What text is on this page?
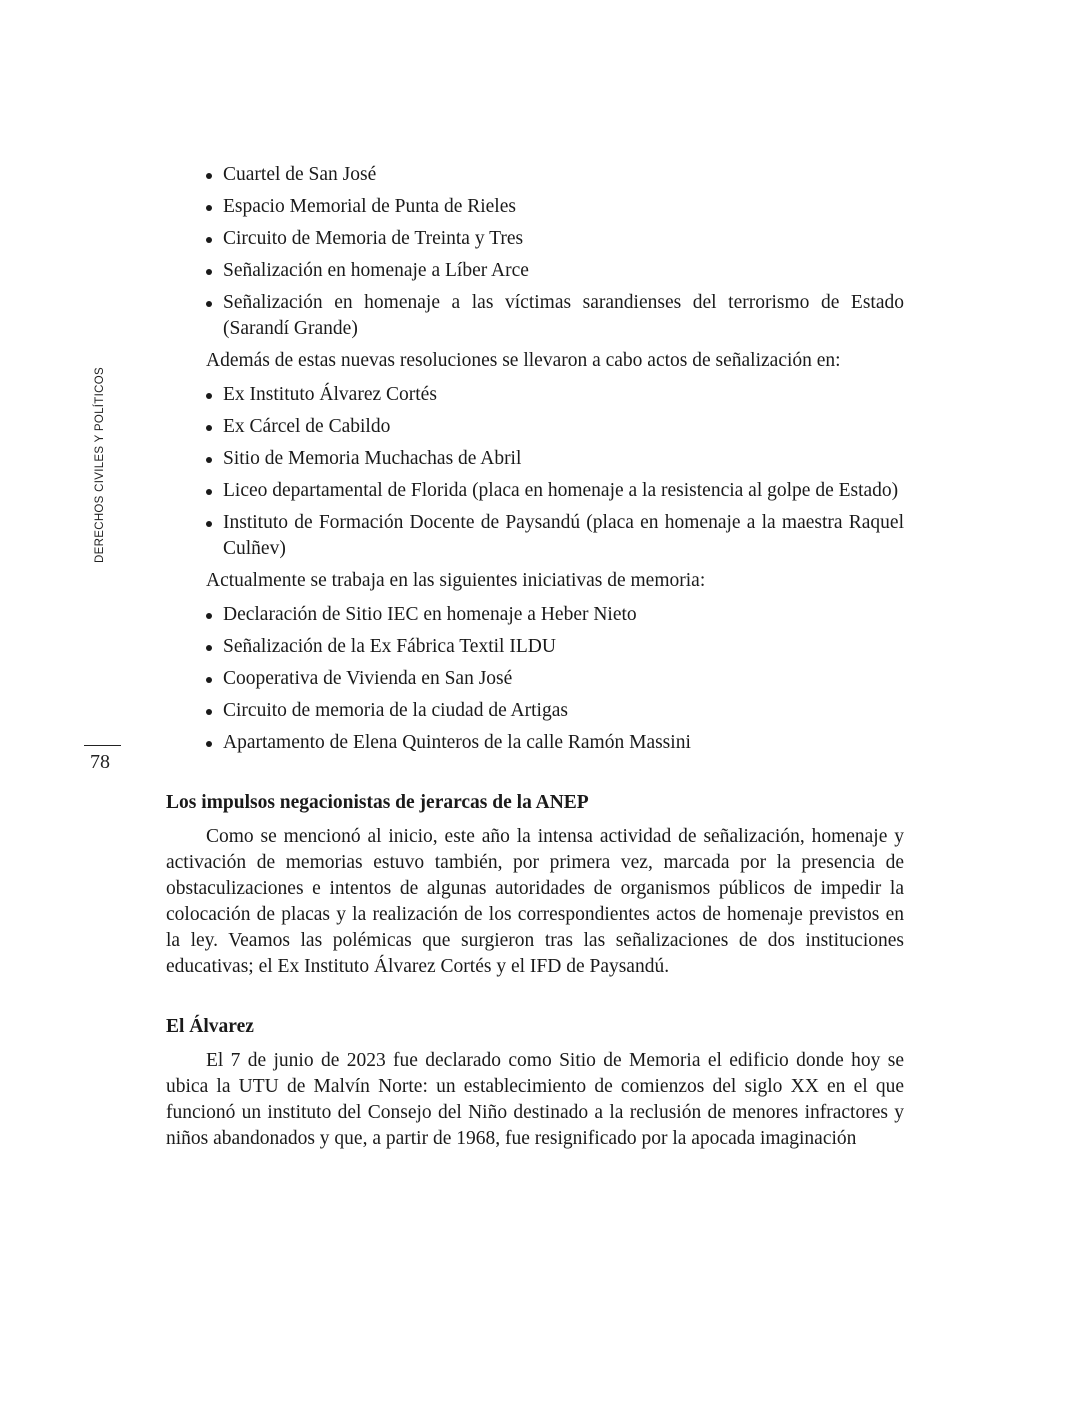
DERECHOS CIVILES Y POLÍTICOS
78
Cuartel de San José
Espacio Memorial de Punta de Rieles
Circuito de Memoria de Treinta y Tres
Señalización en homenaje a Líber Arce
Señalización en homenaje a las víctimas sarandienses del terrorismo de Estado (Sarandí Grande)

Además de estas nuevas resoluciones se llevaron a cabo actos de señalización en:

Ex Instituto Álvarez Cortés
Ex Cárcel de Cabildo
Sitio de Memoria Muchachas de Abril
Liceo departamental de Florida (placa en homenaje a la resistencia al golpe de Estado)
Instituto de Formación Docente de Paysandú (placa en homenaje a la maestra Raquel Culñev)

Actualmente se trabaja en las siguientes iniciativas de memoria:

Declaración de Sitio IEC en homenaje a Heber Nieto
Señalización de la Ex Fábrica Textil ILDU
Cooperativa de Vivienda en San José
Circuito de memoria de la ciudad de Artigas
Apartamento de Elena Quinteros de la calle Ramón Massini
Los impulsos negacionistas de jerarcas de la ANEP

Como se mencionó al inicio, este año la intensa actividad de señalización, homenaje y activación de memorias estuvo también, por primera vez, marcada por la presencia de obstaculizaciones e intentos de algunas autoridades de organismos públicos de impedir la colocación de placas y la realización de los correspondientes actos de homenaje previstos en la ley. Veamos las polémicas que surgieron tras las señalizaciones de dos instituciones educativas; el Ex Instituto Álvarez Cortés y el IFD de Paysandú.

El Álvarez

El 7 de junio de 2023 fue declarado como Sitio de Memoria el edificio donde hoy se ubica la UTU de Malvín Norte: un establecimiento de comienzos del siglo XX en el que funcionó un instituto del Consejo del Niño destinado a la reclusión de menores infractores y niños abandonados y que, a partir de 1968, fue resignificado por la apocada imaginación
